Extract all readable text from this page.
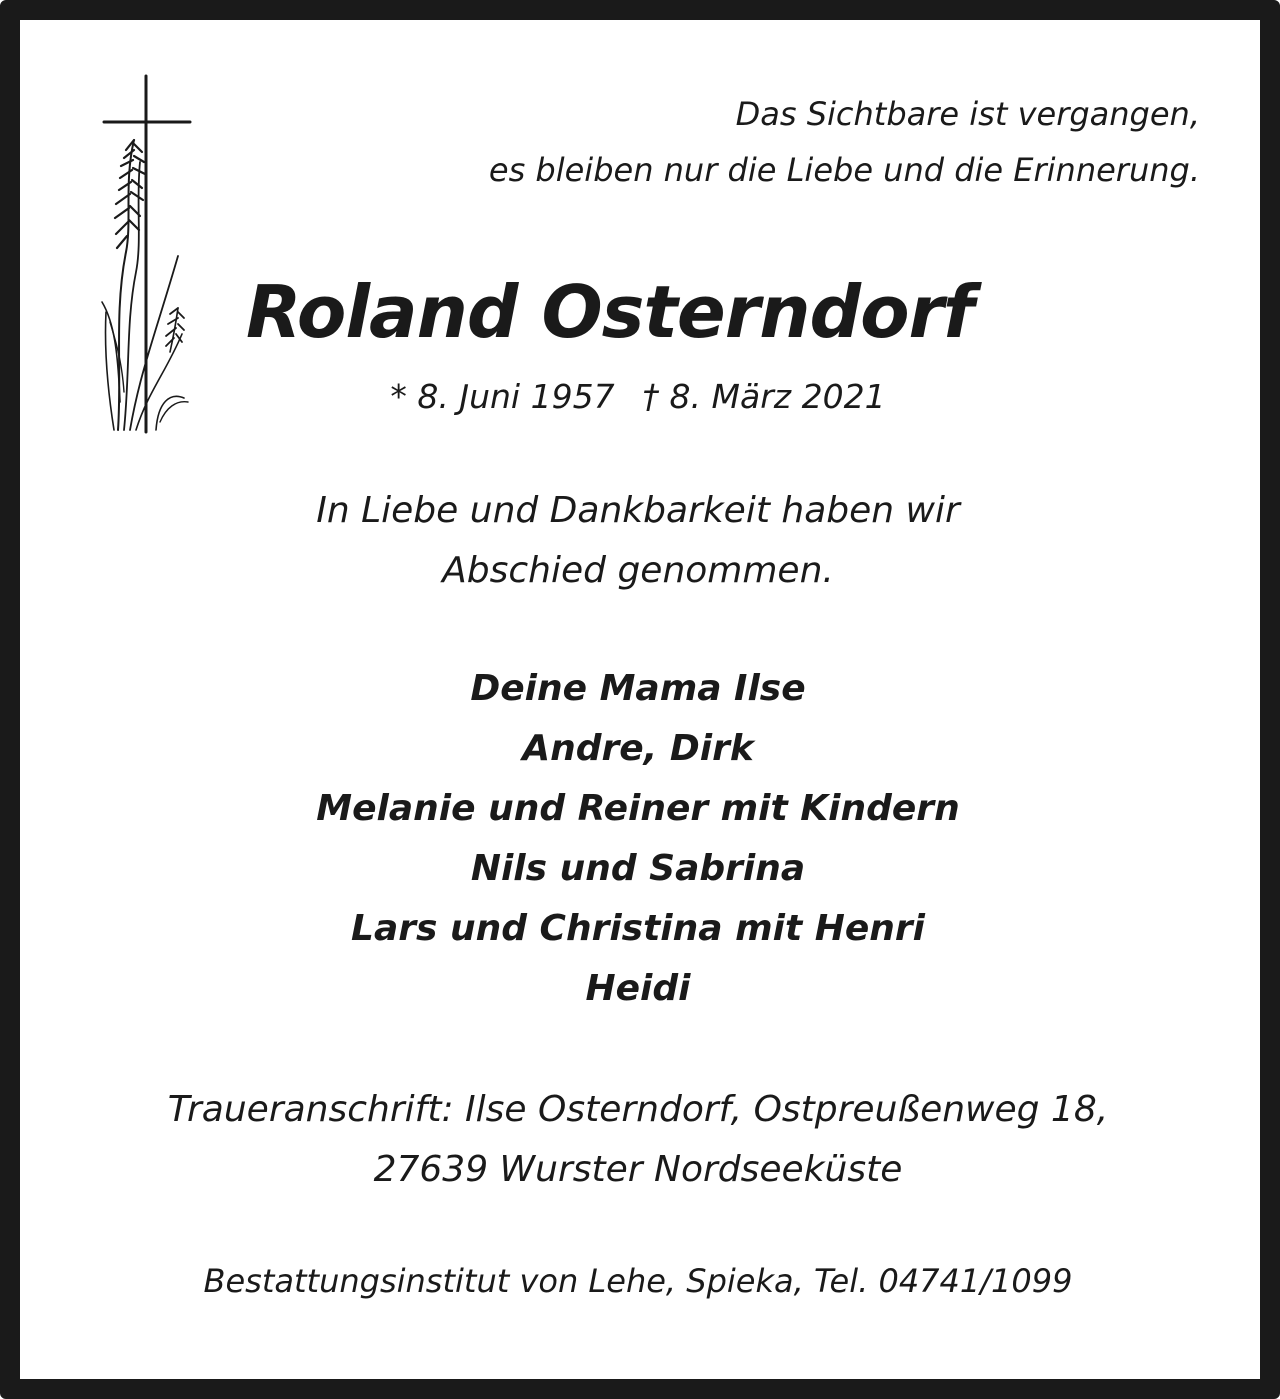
Das Sichtbare ist vergangen,
es bleiben nur die Liebe und die Erinnerung.
Roland Osterndorf
* 8. Juni 1957 † 8. März 2021
In Liebe und Dankbarkeit haben wir
Abschied genommen.
Deine Mama Ilse
Andre, Dirk
Melanie und Reiner mit Kindern
Nils und Sabrina
Lars und Christina mit Henri
Heidi
Traueranschrift: Ilse Osterndorf, Ostpreußenweg 18,
27639 Wurster Nordseeküste
Bestattungsinstitut von Lehe, Spieka, Tel. 04741/1099
